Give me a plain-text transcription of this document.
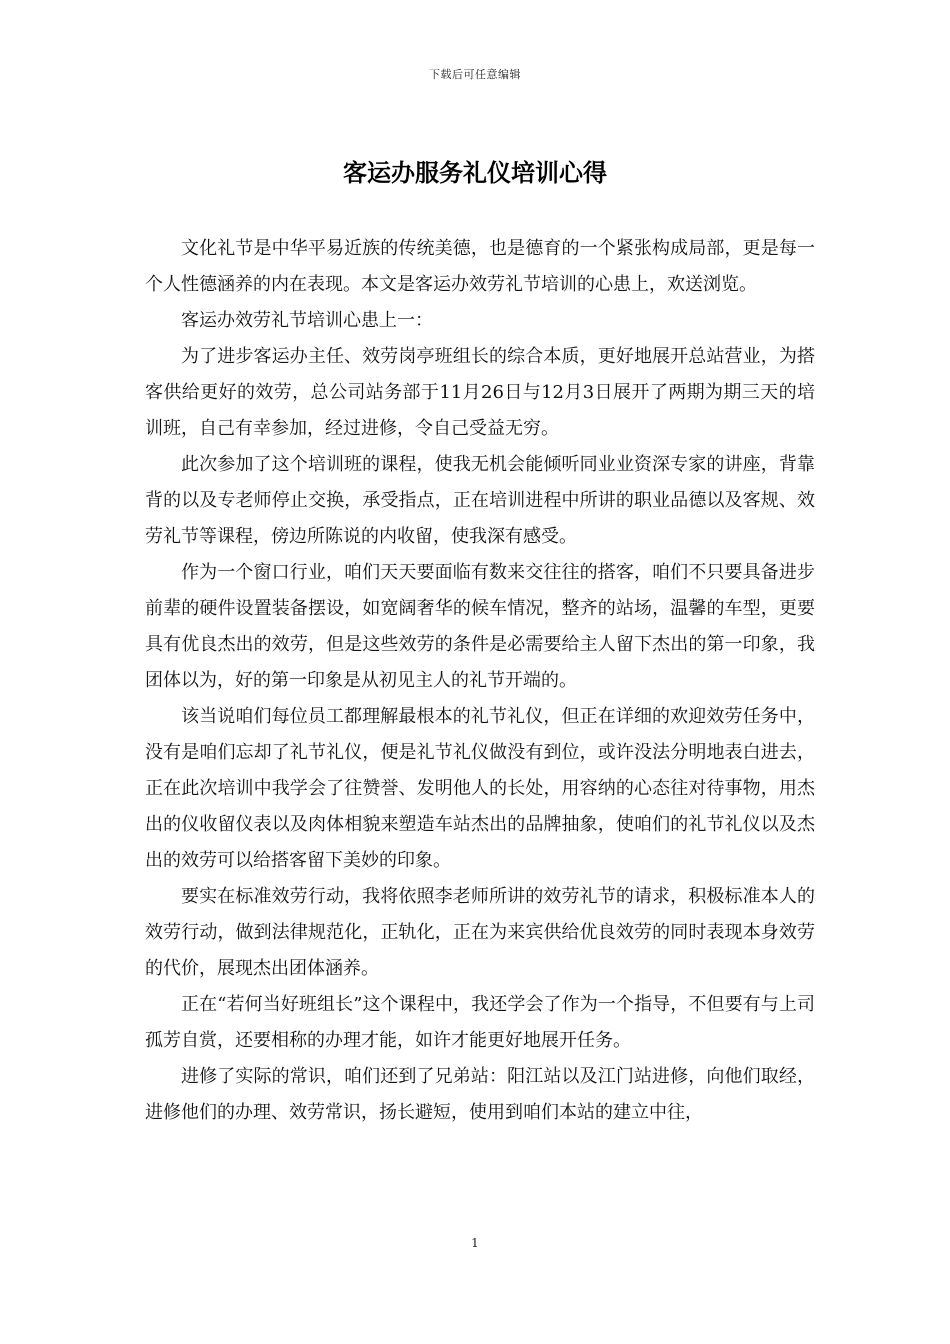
下载后可任意编辑
客运办服务礼仪培训心得

文化礼节是中华平易近族的传统美德，也是德育的一个紧张构成局部，更是每一个人性德涵养的内在表现。本文是客运办效劳礼节培训的心患上，欢送浏览。

客运办效劳礼节培训心患上一：

为了进步客运办主任、效劳岗亭班组长的综合本质，更好地展开总站营业，为搭客供给更好的效劳，总公司站务部于11月26日与12月3日展开了两期为期三天的培训班，自己有幸参加，经过进修，令自己受益无穷。

此次参加了这个培训班的课程，使我无机会能倾听同业业资深专家的讲座，背靠背的以及专老师停止交换，承受指点，正在培训进程中所讲的职业品德以及客规、效劳礼节等课程，傍边所陈说的内收留，使我深有感受。

作为一个窗口行业，咱们天天要面临有数来交往往的搭客，咱们不只要具备进步前辈的硬件设置装备摆设，如宽阔奢华的候车情况，整齐的站场，温馨的车型，更要具有优良杰出的效劳，但是这些效劳的条件是必需要给主人留下杰出的第一印象，我团体以为，好的第一印象是从初见主人的礼节开端的。

该当说咱们每位员工都理解最根本的礼节礼仪，但正在详细的欢迎效劳任务中，没有是咱们忘却了礼节礼仪，便是礼节礼仪做没有到位，或许没法分明地表白进去，正在此次培训中我学会了往赞誉、发明他人的长处，用容纳的心态往对待事物，用杰出的仪收留仪表以及肉体相貌来塑造车站杰出的品牌抽象，使咱们的礼节礼仪以及杰出的效劳可以给搭客留下美妙的印象。

要实在标准效劳行动，我将依照李老师所讲的效劳礼节的请求，积极标准本人的效劳行动，做到法律规范化，正轨化，正在为来宾供给优良效劳的同时表现本身效劳的代价，展现杰出团体涵养。

正在“若何当好班组长”这个课程中，我还学会了作为一个指导，不但要有与上司孤芳自赏，还要相称的办理才能，如许才能更好地展开任务。

进修了实际的常识，咱们还到了兄弟站：阳江站以及江门站进修，向他们取经，进修他们的办理、效劳常识，扬长避短，使用到咱们本站的建立中往，

1
